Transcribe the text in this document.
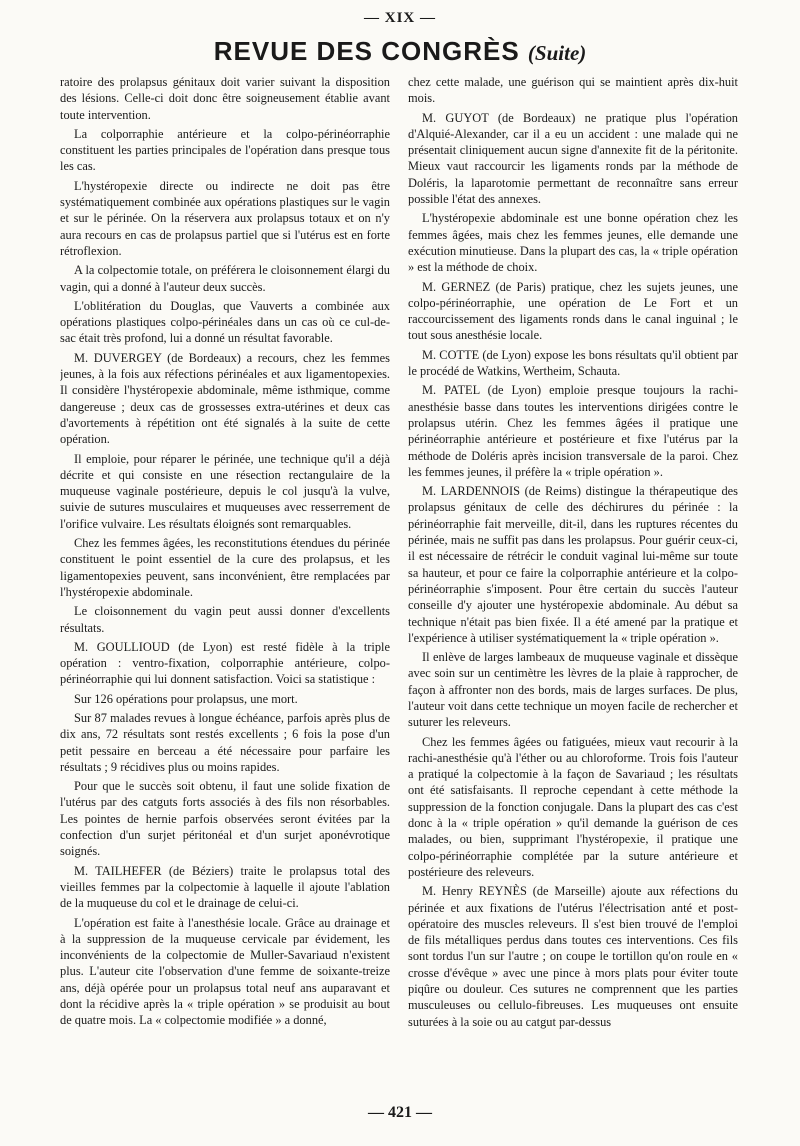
— XIX —
REVUE DES CONGRÈS (Suite)

ratoire des prolapsus génitaux doit varier suivant la disposition des lésions. Celle-ci doit donc être soigneusement établie avant toute intervention.

La colporraphie antérieure et la colpo-périnéorraphie constituent les parties principales de l'opération dans presque tous les cas.

L'hystéropexie directe ou indirecte ne doit pas être systématiquement combinée aux opérations plastiques sur le vagin et sur le périnée. On la réservera aux prolapsus totaux et on n'y aura recours en cas de prolapsus partiel que si l'utérus est en forte rétroflexion.

A la colpectomie totale, on préférera le cloisonnement élargi du vagin, qui a donné à l'auteur deux succès.

L'oblitération du Douglas, que Vauverts a combinée aux opérations plastiques colpo-périnéales dans un cas où ce cul-de-sac était très profond, lui a donné un résultat favorable.

M. DUVERGEY (de Bordeaux) a recours, chez les femmes jeunes, à la fois aux réfections périnéales et aux ligamentopexies. Il considère l'hystéropexie abdominale, même isthmique, comme dangereuse ; deux cas de grossesses extra-utérines et deux cas d'avortements à répétition ont été signalés à la suite de cette opération.

Il emploie, pour réparer le périnée, une technique qu'il a déjà décrite et qui consiste en une résection rectangulaire de la muqueuse vaginale postérieure, depuis le col jusqu'à la vulve, suivie de sutures musculaires et muqueuses avec resserrement de l'orifice vulvaire. Les résultats éloignés sont remarquables.

Chez les femmes âgées, les reconstitutions étendues du périnée constituent le point essentiel de la cure des prolapsus, et les ligamentopexies peuvent, sans inconvénient, être remplacées par l'hystéropexie abdominale.

Le cloisonnement du vagin peut aussi donner d'excellents résultats.

M. GOULLIOUD (de Lyon) est resté fidèle à la triple opération : ventro-fixation, colporraphie antérieure, colpo-périnéorraphie qui lui donnent satisfaction. Voici sa statistique :

Sur 126 opérations pour prolapsus, une mort.

Sur 87 malades revues à longue échéance, parfois après plus de dix ans, 72 résultats sont restés excellents ; 6 fois la pose d'un petit pessaire en berceau a été nécessaire pour parfaire les résultats ; 9 récidives plus ou moins rapides.

Pour que le succès soit obtenu, il faut une solide fixation de l'utérus par des catguts forts associés à des fils non résorbables. Les pointes de hernie parfois observées seront évitées par la confection d'un surjet péritonéal et d'un surjet aponévrotique soignés.

M. TAILHEFER (de Béziers) traite le prolapsus total des vieilles femmes par la colpectomie à laquelle il ajoute l'ablation de la muqueuse du col et le drainage de celui-ci.

L'opération est faite à l'anesthésie locale. Grâce au drainage et à la suppression de la muqueuse cervicale par évidement, les inconvénients de la colpectomie de Muller-Savariaud n'existent plus. L'auteur cite l'observation d'une femme de soixante-treize ans, déjà opérée pour un prolapsus total neuf ans auparavant et dont la récidive après la « triple opération » se produisit au bout de quatre mois. La « colpectomie modifiée » a donné,

chez cette malade, une guérison qui se maintient après dix-huit mois.

M. GUYOT (de Bordeaux) ne pratique plus l'opération d'Alquié-Alexander, car il a eu un accident : une malade qui ne présentait cliniquement aucun signe d'annexite fit de la péritonite. Mieux vaut raccourcir les ligaments ronds par la méthode de Doléris, la laparotomie permettant de reconnaître sans erreur possible l'état des annexes.

L'hystéropexie abdominale est une bonne opération chez les femmes âgées, mais chez les femmes jeunes, elle demande une exécution minutieuse. Dans la plupart des cas, la « triple opération » est la méthode de choix.

M. GERNEZ (de Paris) pratique, chez les sujets jeunes, une colpo-périnéorraphie, une opération de Le Fort et un raccourcissement des ligaments ronds dans le canal inguinal ; le tout sous anesthésie locale.

M. COTTE (de Lyon) expose les bons résultats qu'il obtient par le procédé de Watkins, Wertheim, Schauta.

M. PATEL (de Lyon) emploie presque toujours la rachi-anesthésie basse dans toutes les interventions dirigées contre le prolapsus utérin. Chez les femmes âgées il pratique une périnéorraphie antérieure et postérieure et fixe l'utérus par la méthode de Doléris après incision transversale de la paroi. Chez les femmes jeunes, il préfère la « triple opération ».

M. LARDENNOIS (de Reims) distingue la thérapeutique des prolapsus génitaux de celle des déchirures du périnée : la périnéorraphie fait merveille, dit-il, dans les ruptures récentes du périnée, mais ne suffit pas dans les prolapsus. Pour guérir ceux-ci, il est nécessaire de rétrécir le conduit vaginal lui-même sur toute sa hauteur, et pour ce faire la colporraphie antérieure et la colpo-périnéorraphie s'imposent. Pour être certain du succès l'auteur conseille d'y ajouter une hystéropexie abdominale. Au début sa technique n'était pas bien fixée. Il a été amené par la pratique et l'expérience à utiliser systématiquement la « triple opération ».

Il enlève de larges lambeaux de muqueuse vaginale et dissèque avec soin sur un centimètre les lèvres de la plaie à rapprocher, de façon à affronter non des bords, mais de larges surfaces. De plus, l'auteur voit dans cette technique un moyen facile de rechercher et suturer les releveurs.

Chez les femmes âgées ou fatiguées, mieux vaut recourir à la rachi-anesthésie qu'à l'éther ou au chloroforme. Trois fois l'auteur a pratiqué la colpectomie à la façon de Savariaud ; les résultats ont été satisfaisants. Il reproche cependant à cette méthode la suppression de la fonction conjugale. Dans la plupart des cas c'est donc à la « triple opération » qu'il demande la guérison de ces malades, ou bien, supprimant l'hystéropexie, il pratique une colpo-périnéorraphie complétée par la suture antérieure et postérieure des releveurs.

M. Henry REYNÈS (de Marseille) ajoute aux réfections du périnée et aux fixations de l'utérus l'électrisation anté et post-opératoire des muscles releveurs. Il s'est bien trouvé de l'emploi de fils métalliques perdus dans toutes ces interventions. Ces fils sont tordus l'un sur l'autre ; on coupe le tortillon qu'on roule en « crosse d'évêque » avec une pince à mors plats pour éviter toute piqûre ou douleur. Ces sutures ne comprennent que les parties musculeuses ou cellulo-fibreuses. Les muqueuses ont ensuite suturées à la soie ou au catgut par-dessus

— 421 —
